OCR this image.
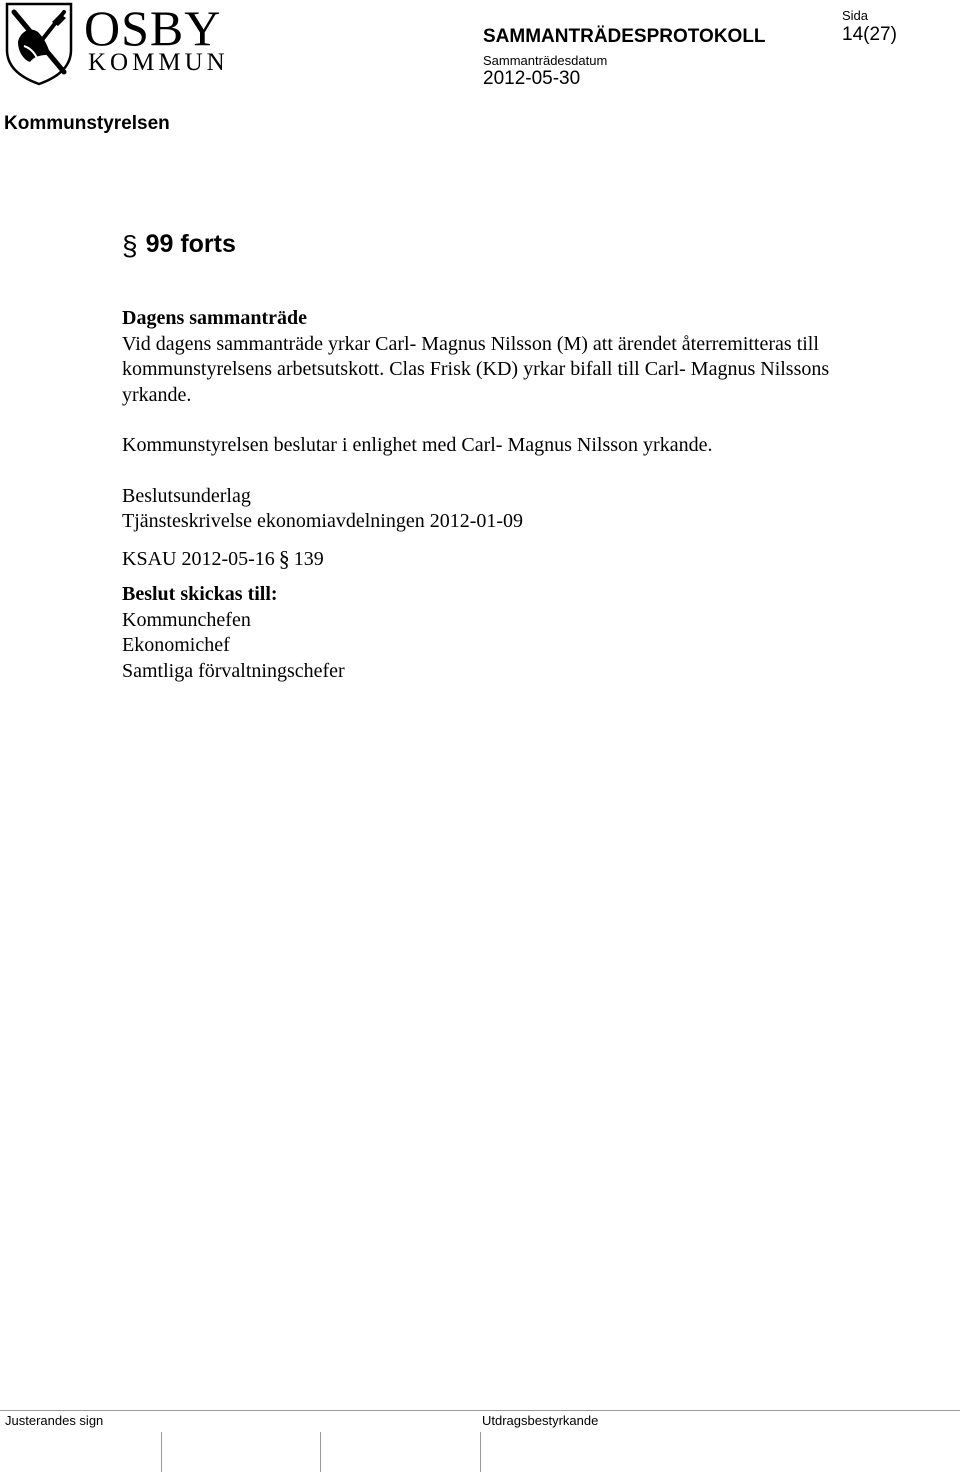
OSBY
KOMMUN
SAMMANTRÄDESPROTOKOLL
Sammanträdesdatum
2012-05-30
Sida
14(27)
Kommunstyrelsen
§ 99 forts

Dagens sammanträde

Vid dagens sammanträde yrkar Carl- Magnus Nilsson (M) att ärendet återremitteras till kommunstyrelsens arbetsutskott. Clas Frisk (KD) yrkar bifall till Carl- Magnus Nilssons yrkande.

Kommunstyrelsen beslutar i enlighet med Carl- Magnus Nilsson yrkande.

Beslutsunderlag

Tjänsteskrivelse ekonomiavdelningen 2012-01-09

KSAU 2012-05-16 § 139

Beslut skickas till:

Kommunchefen

Ekonomichef

Samtliga förvaltningschefer

Justerandes sign	Utdragsbestyrkande
